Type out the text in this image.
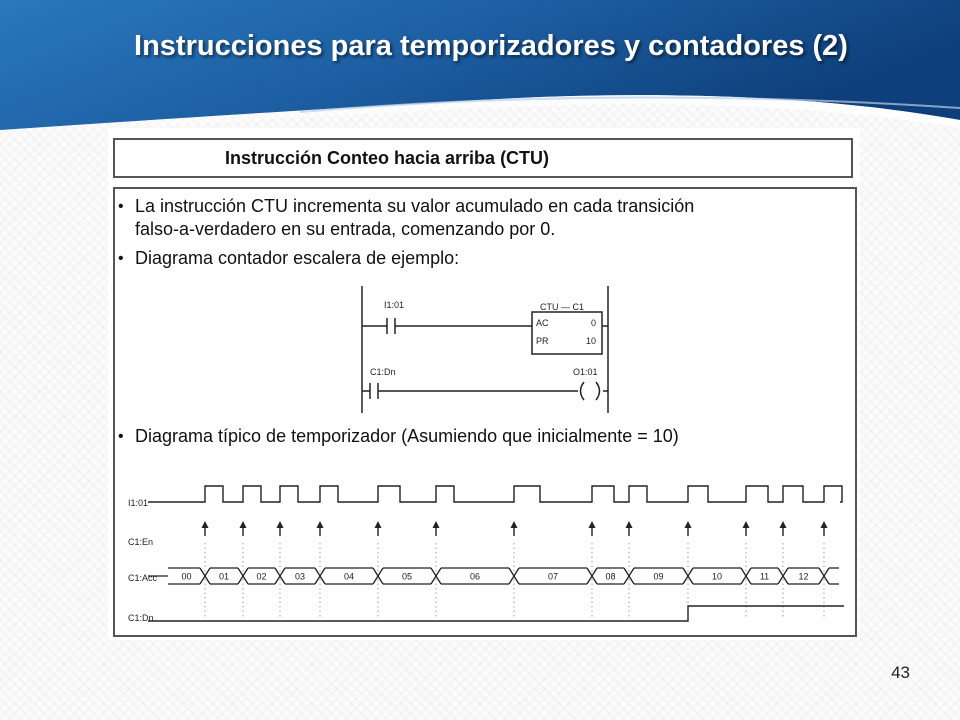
Instrucciones para temporizadores y contadores (2)
Instrucción Conteo hacia arriba (CTU)
• La instrucción CTU incrementa su valor acumulado en cada transición
falso-a-verdadero en su entrada, comenzando por 0.
• Diagrama contador escalera de ejemplo:
• Diagrama típico de temporizador (Asumiendo que inicialmente = 10)
I1:01	CTU — C1
AC	0
PR	10
C1:Dn	O1:01
I1:01
C1:En
C1:Acc
C1:Dn
00	01	02	03	04	05	06	07	08	09	10	11	12
43
